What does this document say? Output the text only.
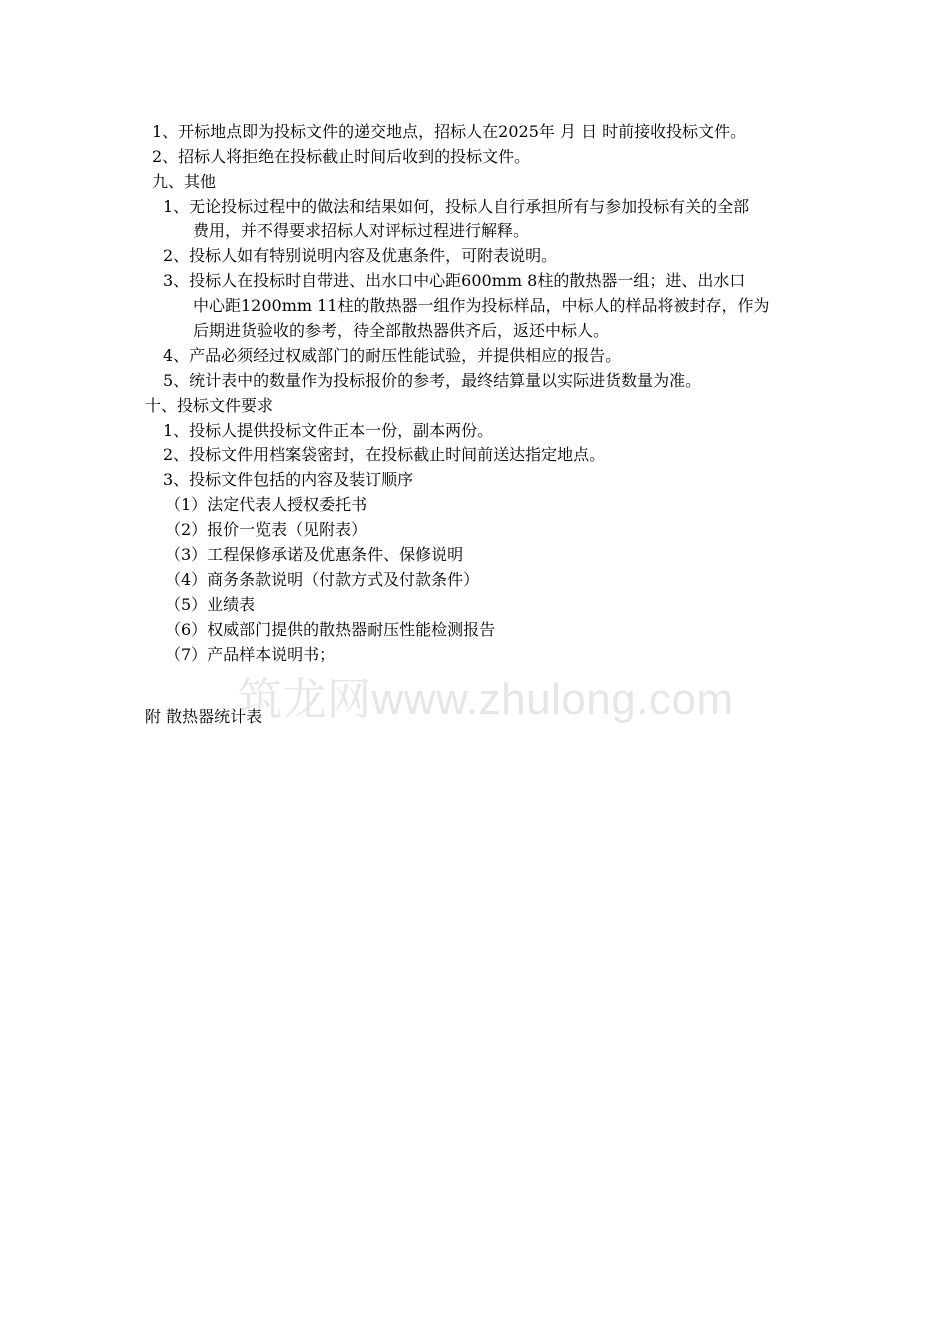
1、开标地点即为投标文件的递交地点，招标人在2025年 月 日 时前接收投标文件。
2、招标人将拒绝在投标截止时间后收到的投标文件。
九、其他
1、无论投标过程中的做法和结果如何，投标人自行承担所有与参加投标有关的全部
费用，并不得要求招标人对评标过程进行解释。
2、投标人如有特别说明内容及优惠条件，可附表说明。
3、投标人在投标时自带进、出水口中心距600mm 8柱的散热器一组；进、出水口
中心距1200mm 11柱的散热器一组作为投标样品，中标人的样品将被封存，作为
后期进货验收的参考，待全部散热器供齐后，返还中标人。
4、产品必须经过权威部门的耐压性能试验，并提供相应的报告。
5、统计表中的数量作为投标报价的参考，最终结算量以实际进货数量为准。
十、投标文件要求
1、投标人提供投标文件正本一份，副本两份。
2、投标文件用档案袋密封，在投标截止时间前送达指定地点。
3、投标文件包括的内容及装订顺序
（1）法定代表人授权委托书
（2）报价一览表（见附表）
（3）工程保修承诺及优惠条件、保修说明
（4）商务条款说明（付款方式及付款条件）
（5）业绩表
（6）权威部门提供的散热器耐压性能检测报告
（7）产品样本说明书；
筑龙网www.zhulong.com
附 散热器统计表
